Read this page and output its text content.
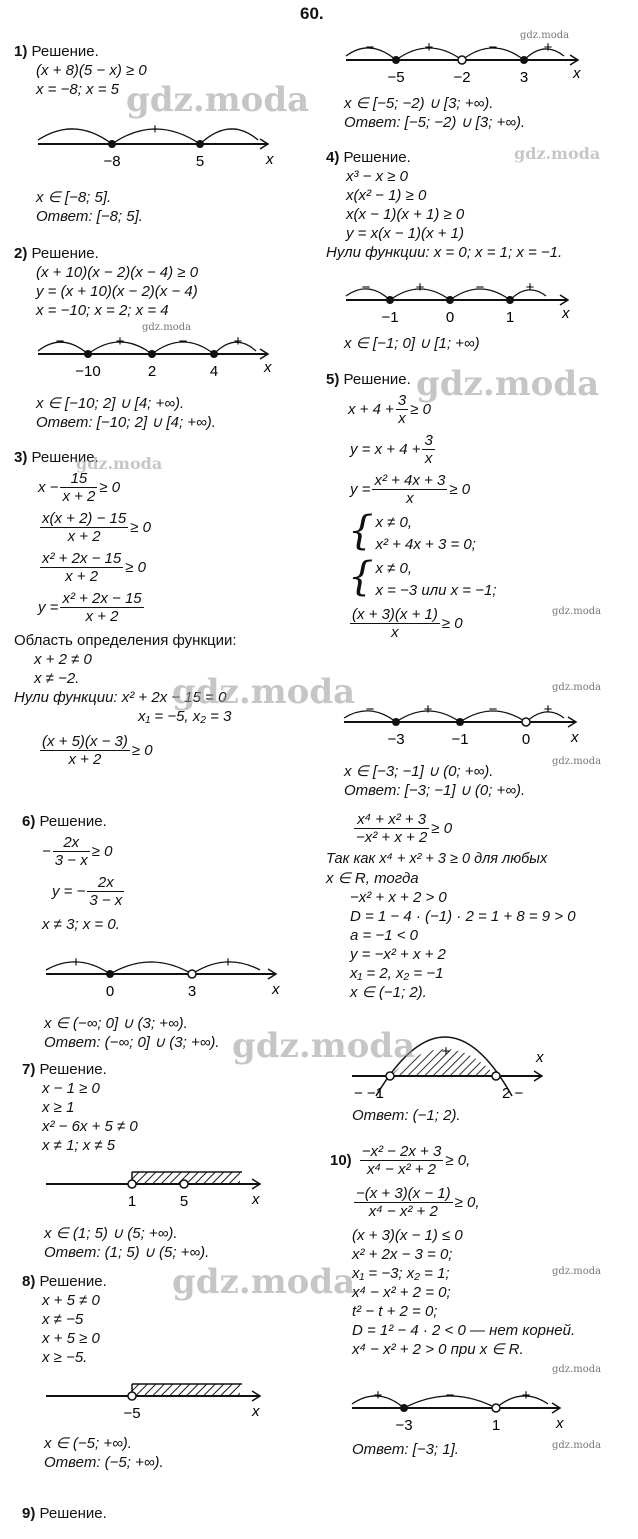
60.
1) Решение.
(x + 8)(5 − x) ≥ 0
x = −8; x = 5
−	+	−
−8	5	x
x ∈ [−8; 5].
Ответ: [−8; 5].
2) Решение.
(x + 10)(x − 2)(x − 4) ≥ 0
y = (x + 10)(x − 2)(x − 4)
x = −10; x = 2; x = 4
−	+	−	+
−10	2	4	x
x ∈ [−10; 2] ∪ [4; +∞).
Ответ: [−10; 2] ∪ [4; +∞).
3) Решение.
$x - \frac{15}{x + 2} \ge 0$
$\frac{x(x + 2) - 15}{x + 2} \ge 0$
$\frac{\text{x² + 2x − 15}}{x + 2} \ge 0$
$y = \frac{\text{x² + 2x − 15}}{x + 2}$
Область определения функции:
x + 2 ≠ 0
x ≠ −2.
Нули функции: x² + 2x − 15 = 0
x₁ = −5, x₂ = 3
$\frac{(x + 5)(x - 3)}{x + 2} \ge 0$
6) Решение.
− $\frac{2x}{3 - x} \ge 0$
y = − $\frac{2x}{3 - x}$
x ≠ 3; x = 0.
+	−	+
0	3	x
x ∈ (−∞; 0] ∪ (3; +∞).
Ответ: (−∞; 0] ∪ (3; +∞).
7) Решение.
x − 1 ≥ 0
x ≥ 1
x² − 6x + 5 ≠ 0
x ≠ 1; x ≠ 5
1	5	x
x ∈ (1; 5) ∪ (5; +∞).
Ответ: (1; 5) ∪ (5; +∞).
8) Решение.
x + 5 ≠ 0
x ≠ −5
x + 5 ≥ 0
x ≥ −5.
−5	x
x ∈ (−5; +∞).
Ответ: (−5; +∞).
9) Решение.
−	+	−	+
−5	−2	3	x
x ∈ [−5; −2) ∪ [3; +∞).
Ответ: [−5; −2) ∪ [3; +∞).
4) Решение.
x³ − x ≥ 0
x(x² − 1) ≥ 0
x(x − 1)(x + 1) ≥ 0
y = x(x − 1)(x + 1)
Нули функции: x = 0; x = 1; x = −1.
−	+	−	+
−1	0	1	x
x ∈ [−1; 0] ∪ [1; +∞)
5) Решение.
$x + 4 + \frac{3}{x} \ge 0$
$y = x + 4 + \frac{3}{x}$
$y = \frac{\text{x² + 4x + 3}}{x} \ge 0$
{ x ≠ 0,
x² + 4x + 3 = 0;
{ x ≠ 0,
x = −3 или x = −1;
$\frac{(x + 3)(x + 1)}{x} \ge 0$
−	+	−	+
−3	−1	0	x
x ∈ [−3; −1] ∪ (0; +∞).
Ответ: [−3; −1] ∪ (0; +∞).
$\frac{\text{x⁴ + x² + 3}}{\text{−x² + x + 2}} \ge 0$
Так как x⁴ + x² + 3 ≥ 0 для любых
x ∈ R, тогда
−x² + x + 2 > 0
D = 1 − 4 · (−1) · 2 = 1 + 8 = 9 > 0
a = −1 < 0
y = −x² + x + 2
x₁ = 2, x₂ = −1
x ∈ (−1; 2).
+
− −1	2 −
x
Ответ: (−1; 2).
$10) \frac{\text{−x² − 2x + 3}}{\text{x⁴ − x² + 2}} \ge 0$,
$\frac{-(x + 3)(x - 1)}{\text{x⁴ − x² + 2}} \ge 0$,
(x + 3)(x − 1) ≤ 0
x² + 2x − 3 = 0;
x₁ = −3; x₂ = 1;
x⁴ − x² + 2 = 0;
t² − t + 2 = 0;
D = 1² − 4 · 2 < 0 — нет корней.
x⁴ − x² + 2 > 0 при x ∈ R.
+	−	+
−3	1	x
Ответ: [−3; 1].
gdz.moda
gdz.moda
gdz.moda
gdz.moda
gdz.moda
gdz.moda
gdz.moda
gdz.moda
gdz.moda
gdz.moda
gdz.moda
gdz.moda
gdz.moda
gdz.moda
gdz.moda
